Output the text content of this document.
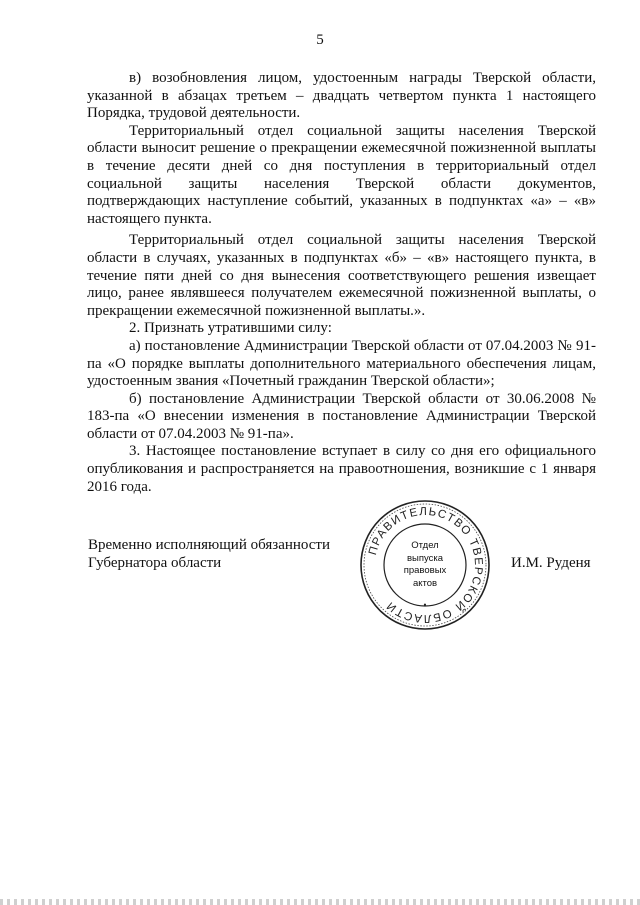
5

в) возобновления лицом, удостоенным награды Тверской области, указанной в абзацах третьем – двадцать четвертом пункта 1 настоящего Порядка, трудовой деятельности.

Территориальный отдел социальной защиты населения Тверской области выносит решение о прекращении ежемесячной пожизненной выплаты в течение десяти дней со дня поступления в территориальный отдел социальной защиты населения Тверской области документов, подтверждающих наступление событий, указанных в подпунктах «а» – «в» настоящего пункта.

Территориальный отдел социальной защиты населения Тверской области в случаях, указанных в подпунктах «б» – «в» настоящего пункта, в течение пяти дней со дня вынесения соответствующего решения извещает лицо, ранее являвшееся получателем ежемесячной пожизненной выплаты, о прекращении ежемесячной пожизненной выплаты.».

2. Признать утратившими силу:

а) постановление Администрации Тверской области от 07.04.2003 № 91-па «О порядке выплаты дополнительного материального обеспечения лицам, удостоенным звания «Почетный гражданин Тверской области»;

б) постановление Администрации Тверской области от 30.06.2008 № 183-па «О внесении изменения в постановление Администрации Тверской области от 07.04.2003 № 91-па».

3. Настоящее постановление вступает в силу со дня его официального опубликования и распространяется на правоотношения, возникшие с 1 января 2016 года.

Временно исполняющий обязанности
Губернатора области
ПРАВИТЕЛЬСТВО ТВЕРСКОЙ ОБЛАСТИ	•
Отдел
выпуска
правовых
актов
И.М. Руденя
